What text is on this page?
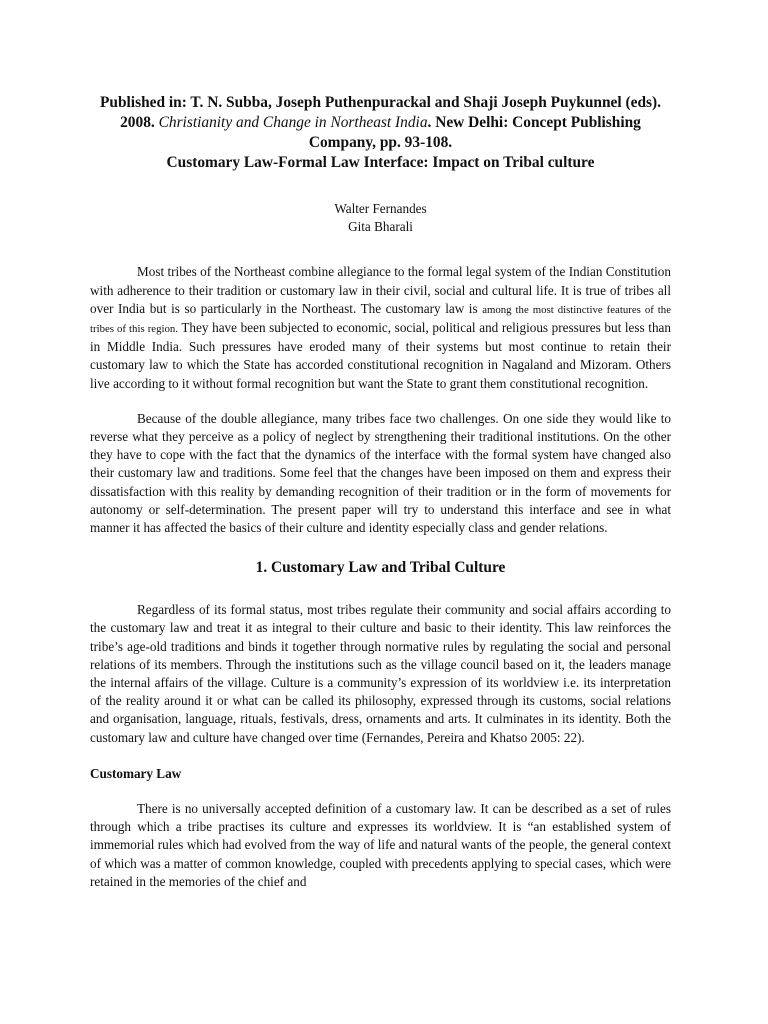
Published in: T. N. Subba, Joseph Puthenpurackal and Shaji Joseph Puykunnel (eds). 2008. Christianity and Change in Northeast India. New Delhi: Concept Publishing Company, pp. 93-108.
Customary Law-Formal Law Interface: Impact on Tribal culture
Walter Fernandes
Gita Bharali

Most tribes of the Northeast combine allegiance to the formal legal system of the Indian Constitution with adherence to their tradition or customary law in their civil, social and cultural life. It is true of tribes all over India but is so particularly in the Northeast. The customary law is among the most distinctive features of the tribes of this region. They have been subjected to economic, social, political and religious pressures but less than in Middle India. Such pressures have eroded many of their systems but most continue to retain their customary law to which the State has accorded constitutional recognition in Nagaland and Mizoram. Others live according to it without formal recognition but want the State to grant them constitutional recognition.

Because of the double allegiance, many tribes face two challenges. On one side they would like to reverse what they perceive as a policy of neglect by strengthening their traditional institutions. On the other they have to cope with the fact that the dynamics of the interface with the formal system have changed also their customary law and traditions. Some feel that the changes have been imposed on them and express their dissatisfaction with this reality by demanding recognition of their tradition or in the form of movements for autonomy or self-determination. The present paper will try to understand this interface and see in what manner it has affected the basics of their culture and identity especially class and gender relations.

1. Customary Law and Tribal Culture

Regardless of its formal status, most tribes regulate their community and social affairs according to the customary law and treat it as integral to their culture and basic to their identity. This law reinforces the tribe’s age-old traditions and binds it together through normative rules by regulating the social and personal relations of its members. Through the institutions such as the village council based on it, the leaders manage the internal affairs of the village. Culture is a community’s expression of its worldview i.e. its interpretation of the reality around it or what can be called its philosophy, expressed through its customs, social relations and organisation, language, rituals, festivals, dress, ornaments and arts. It culminates in its identity. Both the customary law and culture have changed over time (Fernandes, Pereira and Khatso 2005: 22).

Customary Law

There is no universally accepted definition of a customary law. It can be described as a set of rules through which a tribe practises its culture and expresses its worldview. It is “an established system of immemorial rules which had evolved from the way of life and natural wants of the people, the general context of which was a matter of common knowledge, coupled with precedents applying to special cases, which were retained in the memories of the chief and
